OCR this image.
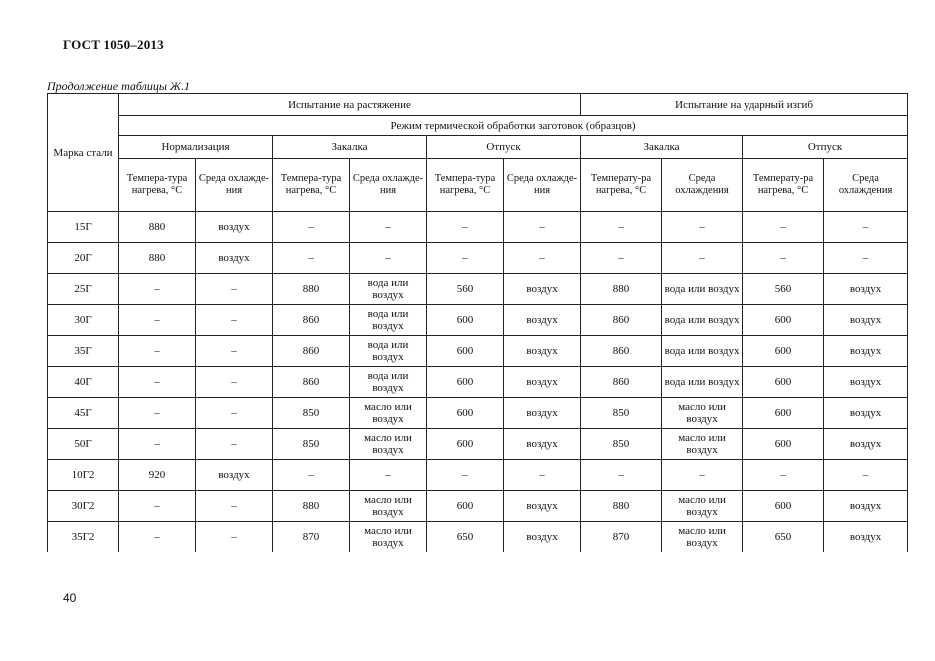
ГОСТ 1050–2013
Продолжение таблицы Ж.1
Марка стали	Испытание на растяжение						Испытание на ударный изгиб			
	Режим термической обработки заготовок (образцов)									
	Нормализация		Закалка		Отпуск		Закалка		Отпуск	
	Темпера-тура нагрева, °С	Среда охлажде-ния	Темпера-тура нагрева, °С	Среда охлажде-ния	Темпера-тура нагрева, °С	Среда охлажде-ния	Температу-ра нагрева, °С	Среда охлаждения	Температу-ра нагрева, °С	Среда охлаждения
15Г	880	воздух	–	–	–	–	–	–	–	–
20Г	880	воздух	–	–	–	–	–	–	–	–
25Г	–	–	880	вода или воздух	560	воздух	880	вода или воздух	560	воздух
30Г	–	–	860	вода или воздух	600	воздух	860	вода или воздух	600	воздух
35Г	–	–	860	вода или воздух	600	воздух	860	вода или воздух	600	воздух
40Г	–	–	860	вода или воздух	600	воздух	860	вода или воздух	600	воздух
45Г	–	–	850	масло или воздух	600	воздух	850	масло или воздух	600	воздух
50Г	–	–	850	масло или воздух	600	воздух	850	масло или воздух	600	воздух
10Г2	920	воздух	–	–	–	–	–	–	–	–
30Г2	–	–	880	масло или воздух	600	воздух	880	масло или воздух	600	воздух
35Г2	–	–	870	масло или воздух	650	воздух	870	масло или воздух	650	воздух
40
